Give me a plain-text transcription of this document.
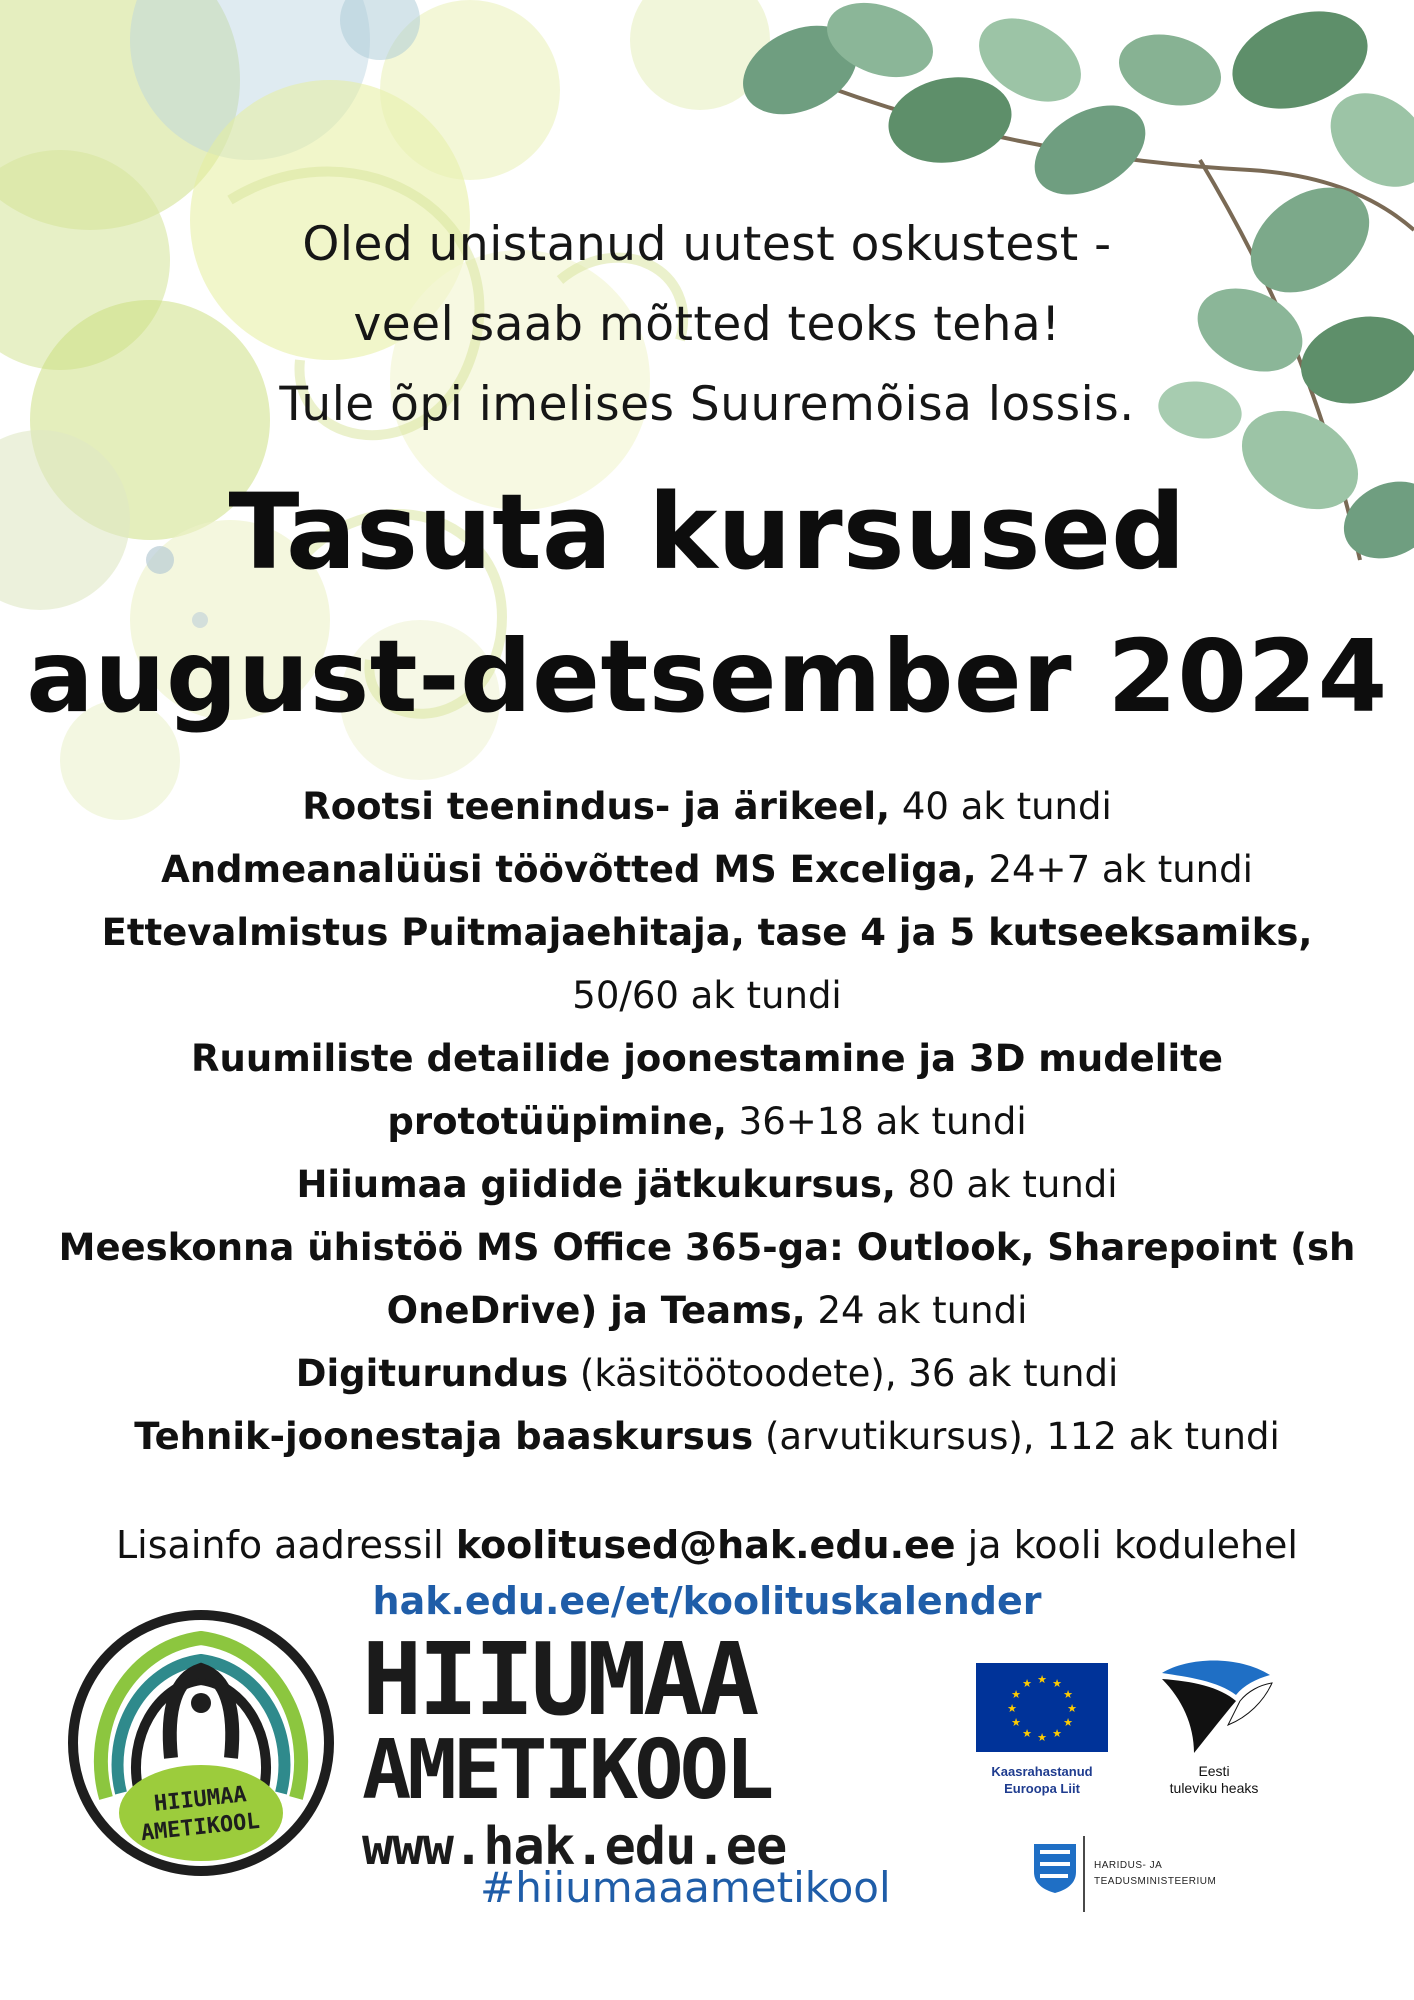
Oled unistanud uutest oskustest -
veel saab mõtted teoks teha!
Tule õpi imelises Suuremõisa lossis.
Tasuta kursused
august-detsember 2024
Rootsi teenindus- ja ärikeel, 40 ak tundi
Andmeanalüüsi töövõtted MS Exceliga, 24+7 ak tundi
Ettevalmistus Puitmajaehitaja, tase 4 ja 5 kutseeksamiks,
50/60 ak tundi
Ruumiliste detailide joonestamine ja 3D mudelite
prototüüpimine, 36+18 ak tundi
Hiiumaa giidide jätkukursus, 80 ak tundi
Meeskonna ühistöö MS Office 365-ga: Outlook, Sharepoint (sh
OneDrive) ja Teams, 24 ak tundi
Digiturundus (käsitöötoodete), 36 ak tundi
Tehnik-joonestaja baaskursus (arvutikursus), 112 ak tundi
Lisainfo aadressil koolitused@hak.edu.ee ja kooli kodulehel
hak.edu.ee/et/koolituskalender
HIIUMAA
AMETIKOOL
HIIUMAA
AMETIKOOL
www.hak.edu.ee
#hiiumaaametikool
★ ★
★
★
★
★
★
★
★
★
★
★
Kaasrahastanud
Euroopa Liit
Eesti
tuleviku heaks
HARIDUS- JA
TEADUSMINISTEERIUM
